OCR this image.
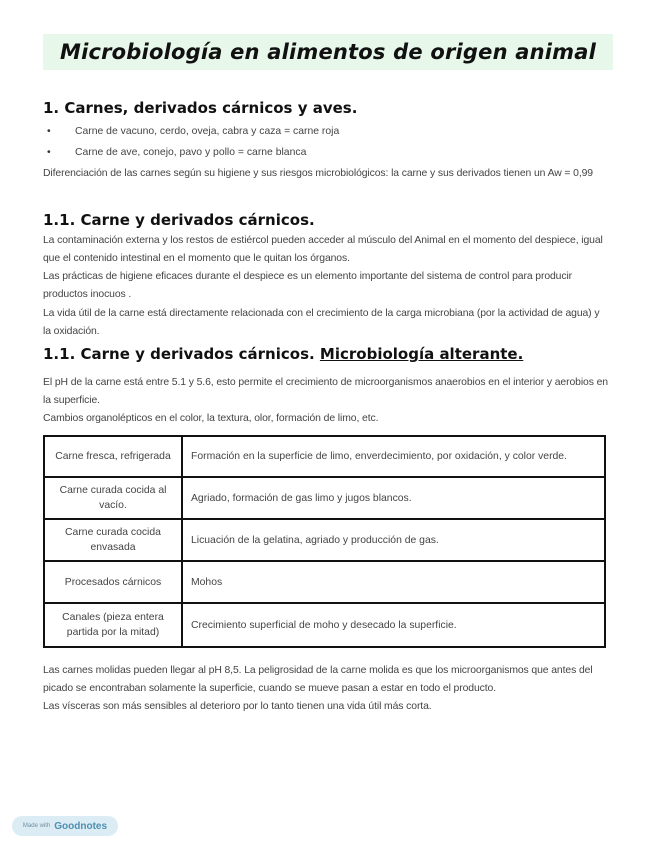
Microbiología en alimentos de origen animal
1. Carnes, derivados cárnicos y aves.
• Carne de vacuno, cerdo, oveja, cabra y caza = carne roja
• Carne de ave, conejo, pavo y pollo = carne blanca
Diferenciación de las carnes según su higiene y sus riesgos microbiológicos: la carne y sus derivados tienen un Aw = 0,99
1.1. Carne y derivados cárnicos.
La contaminación externa y los restos de estiércol pueden acceder al músculo del Animal en el momento del despiece, igual que el contenido intestinal en el momento que le quitan los órganos.
Las prácticas de higiene eficaces durante el despiece es un elemento importante del sistema de control para producir productos inocuos .
La vida útil de la carne está directamente relacionada con el crecimiento de la carga microbiana (por la actividad de agua) y la oxidación.
1.1. Carne y derivados cárnicos. Microbiología alterante.
El pH de la carne está entre 5.1 y 5.6, esto permite el crecimiento de microorganismos anaerobios en el interior y aerobios en la superficie.
Cambios organolépticos en el color, la textura, olor, formación de limo, etc.
Carne fresca, refrigerada	Formación en la superficie de limo, enverdecimiento, por oxidación, y color verde.
Carne curada cocida al vacío.	Agriado, formación de gas limo y jugos blancos.
Carne curada cocida envasada	Licuación de la gelatina, agriado y producción de gas.
Procesados cárnicos	Mohos
Canales (pieza entera partida por la mitad)	Crecimiento superficial de moho y desecado la superficie.
Las carnes molidas pueden llegar al pH 8,5. La peligrosidad de la carne molida es que los microorganismos que antes del picado se encontraban solamente la superficie, cuando se mueve pasan a estar en todo el producto.
Las vísceras son más sensibles al deterioro por lo tanto tienen una vida útil más corta.
Made with Goodnotes
